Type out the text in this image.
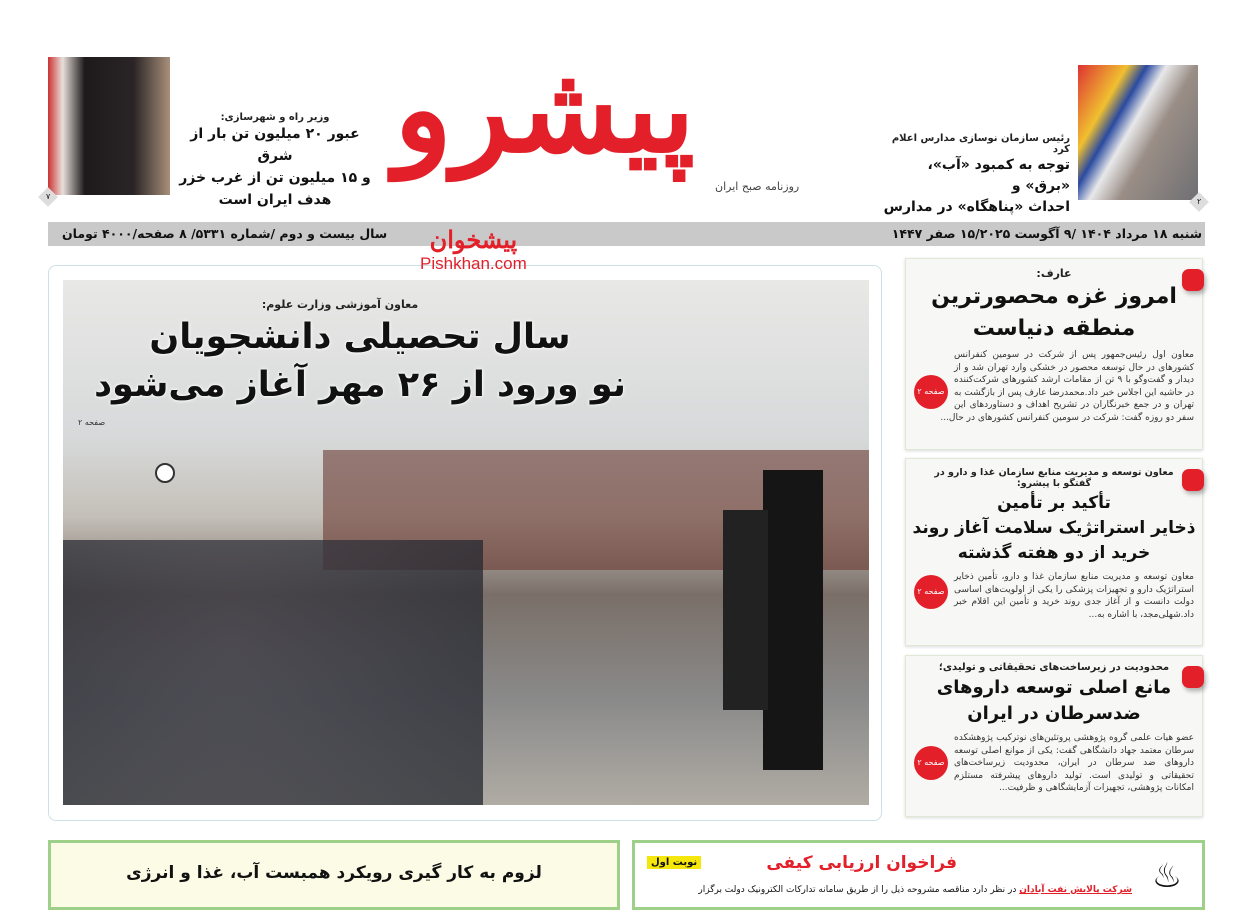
پیشرو
روزنامه صبح ایران
۲
رئیس سازمان نوسازی مدارس اعلام کرد
توجه به کمبود «آب»، «برق» و
احداث «پناهگاه» در مدارس
۷
وزیر راه و شهرسازی:
عبور ۲۰ میلیون تن بار از شرق
و ۱۵ میلیون تن از غرب خزر
هدف ایران است
شنبه ۱۸ مرداد ۱۴۰۴ /۹ آگوست ۱۵/۲۰۲۵ صفر ۱۴۴۷
سال بیست و دوم /شماره ۵۳۳۱/ ۸ صفحه/۴۰۰۰ تومان
معاون آموزشی وزارت علوم:
سال تحصیلی دانشجویان
نو ورود از ۲۶ مهر آغاز می‌شود
صفحه ۲
پیشخوان
Pishkhan.com
عارف:
امروز غزه محصورترین
منطقه دنیاست
صفحه ۲
معاون اول رئیس‌جمهور پس از شرکت در سومین کنفرانس کشورهای در حال توسعه محصور در خشکی وارد تهران شد و از دیدار و گفت‌وگو با ۹ تن از مقامات ارشد کشورهای شرکت‌کننده در حاشیه این اجلاس خبر داد.محمدرضا عارف پس از بازگشت به تهران و در جمع خبرنگاران در تشریح اهداف و دستاوردهای این سفر دو روزه گفت: شرکت در سومین کنفرانس کشورهای در حال...
معاون توسعه و مدیریت منابع سازمان غذا و دارو در گفتگو با پیشرو:
تأکید بر تأمین
ذخایر استراتژیک سلامت آغاز روند
خرید از دو هفته گذشته
صفحه ۲
معاون توسعه و مدیریت منابع سازمان غذا و دارو، تأمین ذخایر استراتژیک دارو و تجهیزات پزشکی را یکی از اولویت‌های اساسی دولت دانست و از آغاز جدی روند خرید و تأمین این اقلام خبر داد.شهلی‌مجد، با اشاره به...
محدودیت در زیرساخت‌های تحقیقاتی و تولیدی؛
مانع اصلی توسعه داروهای
ضدسرطان در ایران
صفحه ۲
عضو هیات علمی گروه پژوهشی پروتئین‌های نوترکیب پژوهشکده سرطان معتمد جهاد دانشگاهی گفت: یکی از موانع اصلی توسعه داروهای ضد سرطان در ایران، محدودیت زیرساخت‌های تحقیقاتی و تولیدی است. تولید داروهای پیشرفته مستلزم امکانات پژوهشی، تجهیزات آزمایشگاهی و ظرفیت...
لزوم به کار گیری رویکرد همبست آب، غذا و انرژی	♨
فراخوان ارزیابی کیفی
نوبت اول
شرکت پالایش نفت آبادان در نظر دارد مناقصه مشروحه ذیل را از طریق سامانه تدارکات الکترونیک دولت برگزار
